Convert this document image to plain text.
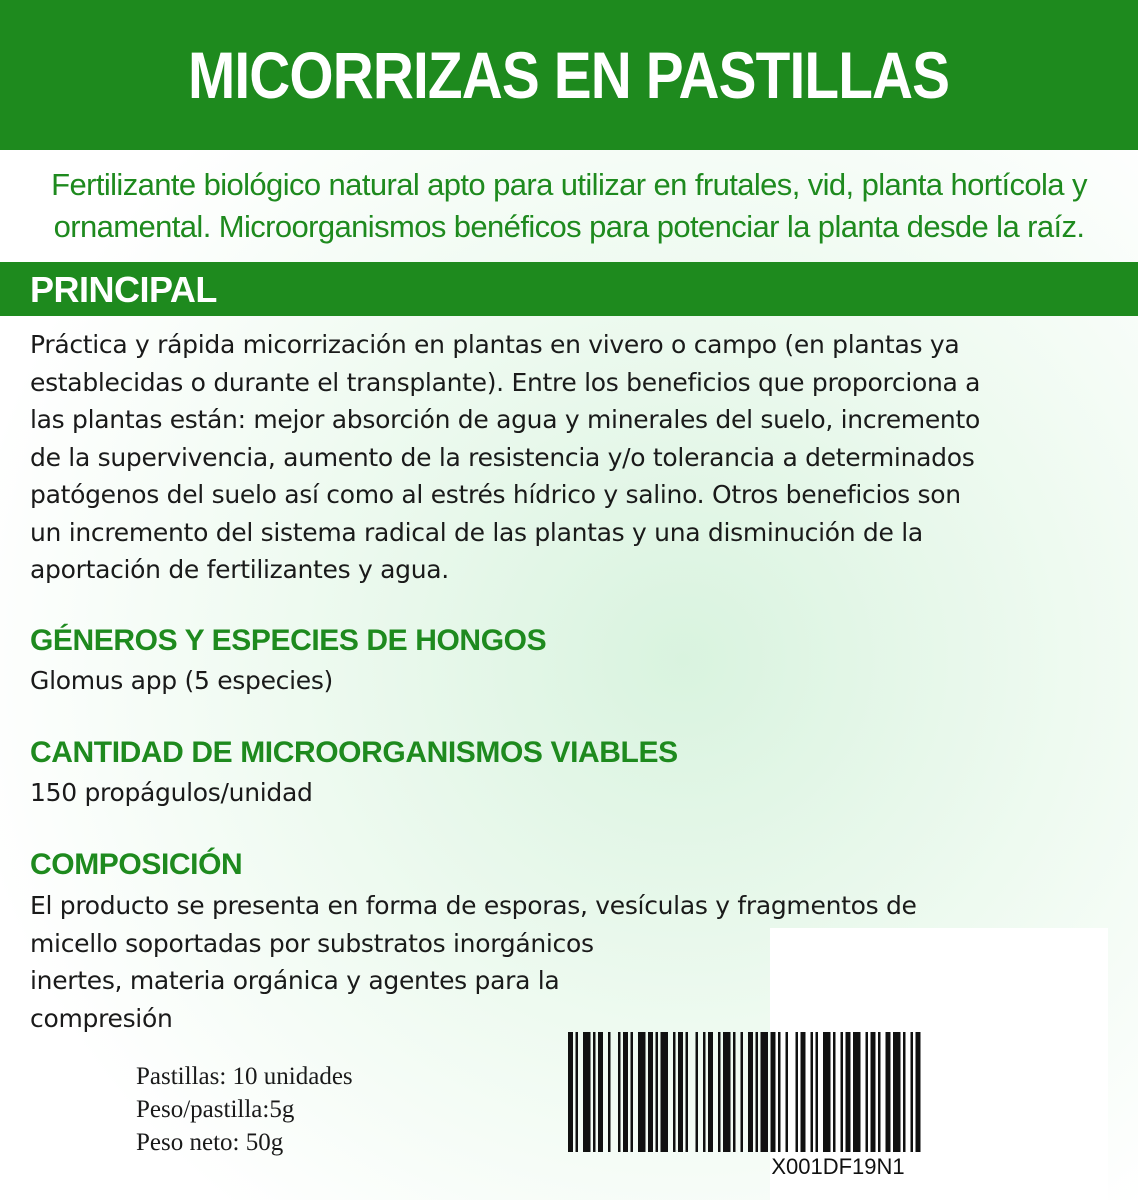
MICORRIZAS EN PASTILLAS
Fertilizante biológico natural apto para utilizar en frutales, vid, planta hortícola y
ornamental. Microorganismos benéficos para potenciar la planta desde la raíz.
PRINCIPAL
Práctica y rápida micorrización en plantas en vivero o campo (en plantas ya
establecidas o durante el transplante). Entre los beneficios que proporciona a
las plantas están: mejor absorción de agua y minerales del suelo, incremento
de la supervivencia, aumento de la resistencia y/o tolerancia a determinados
patógenos del suelo así como al estrés hídrico y salino. Otros beneficios son
un incremento del sistema radical de las plantas y una disminución de la
aportación de fertilizantes y agua.
GÉNEROS Y ESPECIES DE HONGOS
Glomus app (5 especies)
CANTIDAD DE MICROORGANISMOS VIABLES
150 propágulos/unidad
COMPOSICIÓN
El producto se presenta en forma de esporas, vesículas y fragmentos de
micello soportadas por substratos inorgánicos
inertes, materia orgánica y agentes para la
compresión
Pastillas: 10 unidades
Peso/pastilla:5g
Peso neto: 50g
X001DF19N1
